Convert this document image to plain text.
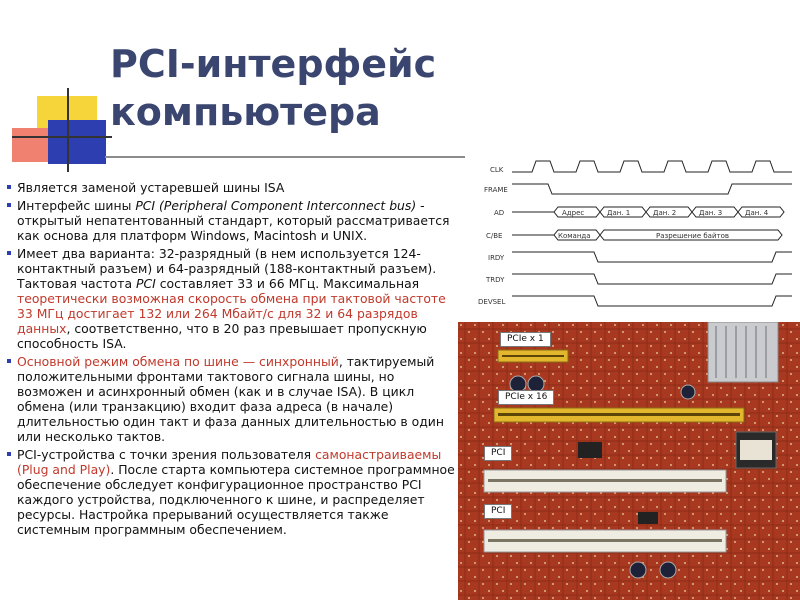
PCI-интерфейс
компьютера
Является заменой устаревшей шины ISA
Интерфейс шины PCI (Peripheral Component Interconnect bus) - открытый непатентованный стандарт, который рассматривается как основа для платформ Windows, Macintosh и UNIX.
Имеет два варианта: 32-разрядный (в нем используется 124-контактный разъем) и 64-разрядный (188-контактный разъем). Тактовая частота PCI составляет 33 и 66 МГц. Максимальная теоретически возможная скорость обмена при тактовой частоте 33 МГц достигает 132 или 264 Мбайт/с для 32 и 64 разрядов данных, соответственно, что в 20 раз превышает пропускную способность ISA.
Основной режим обмена по шине — синхронный, тактируемый положительными фронтами тактового сигнала шины, но возможен и асинхронный обмен (как и в случае ISA). В цикл обмена (или транзакцию) входит фаза адреса (в начале) длительностью один такт и фаза данных длительностью в один или несколько тактов.
PCI-устройства с точки зрения пользователя самонастраиваемы (Plug and Play). После старта компьютера системное программное обеспечение обследует конфигурационное пространство PCI каждого устройства, подключенного к шине, и распределяет ресурсы. Настройка прерываний осуществляется также системным программным обеспечением.
CLK
FRAME
AD
C/BE
IRDY
TRDY
DEVSEL
Адрес	Дан. 1	Дан. 2	Дан. 3	Дан. 4
Команда	Разрешение байтов
PCIe x 1
PCIe x 16
PCI
PCI
